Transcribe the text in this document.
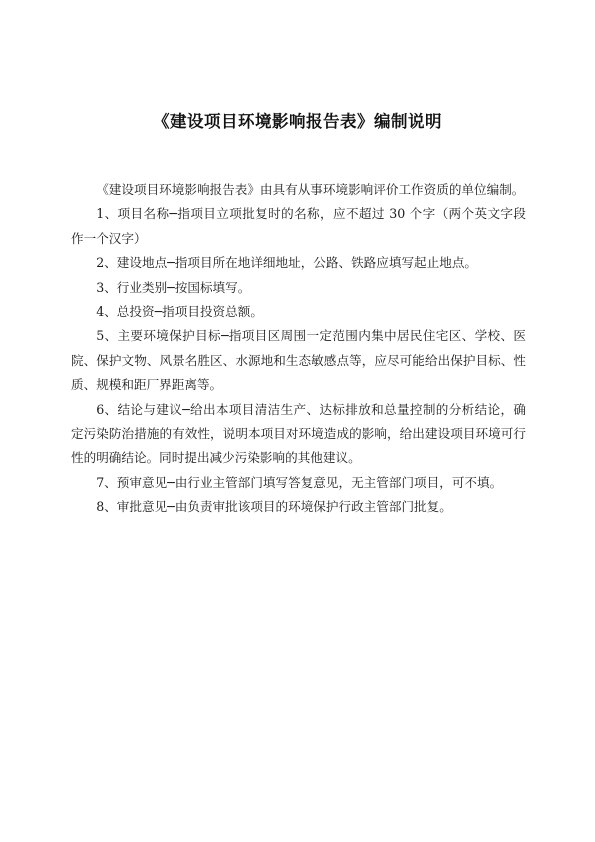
《建设项目环境影响报告表》编制说明

《建设项目环境影响报告表》由具有从事环境影响评价工作资质的单位编制。

1、项目名称─指项目立项批复时的名称，应不超过 30 个字（两个英文字段作一个汉字）

2、建设地点─指项目所在地详细地址，公路、铁路应填写起止地点。

3、行业类别─按国标填写。

4、总投资─指项目投资总额。

5、主要环境保护目标─指项目区周围一定范围内集中居民住宅区、学校、医院、保护文物、风景名胜区、水源地和生态敏感点等，应尽可能给出保护目标、性质、规模和距厂界距离等。

6、结论与建议─给出本项目清洁生产、达标排放和总量控制的分析结论，确定污染防治措施的有效性，说明本项目对环境造成的影响，给出建设项目环境可行性的明确结论。同时提出减少污染影响的其他建议。

7、预审意见─由行业主管部门填写答复意见，无主管部门项目，可不填。

8、审批意见─由负责审批该项目的环境保护行政主管部门批复。
